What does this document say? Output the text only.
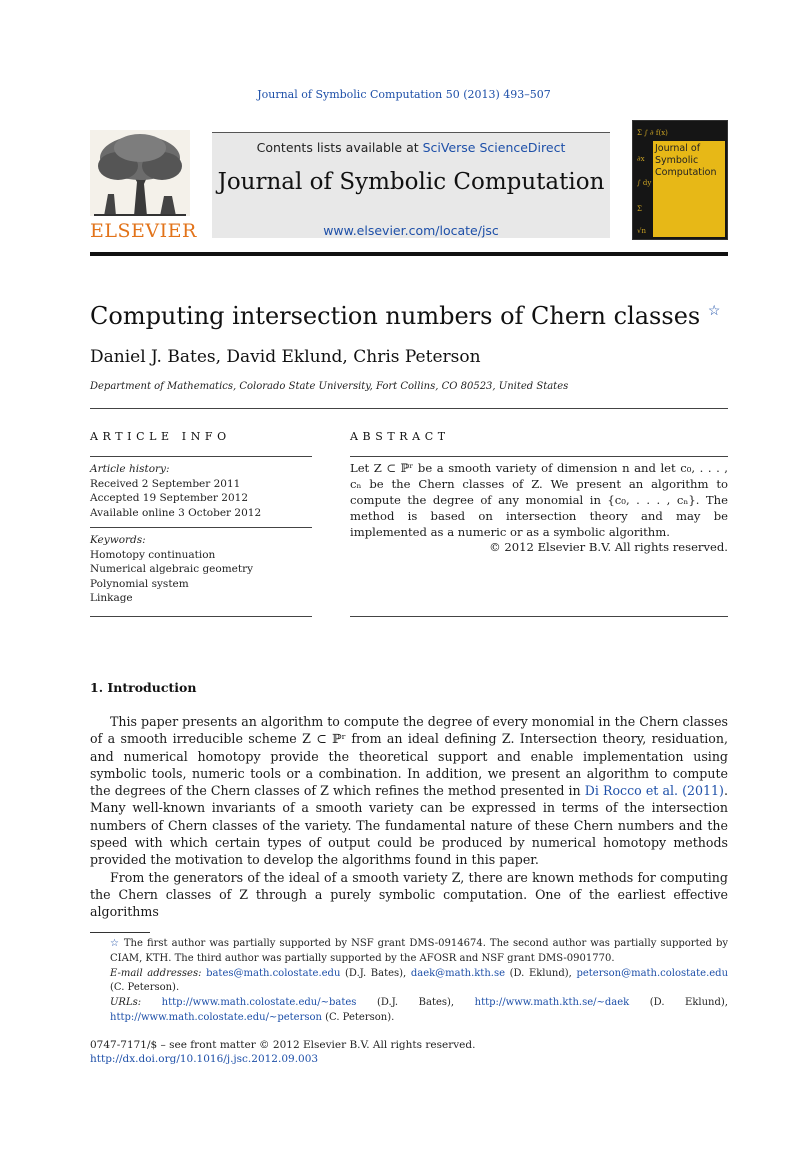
Journal of Symbolic Computation 50 (2013) 493–507
ELSEVIER
Contents lists available at SciVerse ScienceDirect
Journal of Symbolic Computation
www.elsevier.com/locate/jsc
Σ ∫ ∂ f(x)
∂x
∫ dy
Σ
√n
Journal of
Symbolic
Computation
Computing intersection numbers of Chern classes ☆
Daniel J. Bates, David Eklund, Chris Peterson
Department of Mathematics, Colorado State University, Fort Collins, CO 80523, United States
ARTICLE INFO
Article history:
Received 2 September 2011
Accepted 19 September 2012
Available online 3 October 2012
Keywords:
Homotopy continuation
Numerical algebraic geometry
Polynomial system
Linkage
ABSTRACT
Let Z ⊂ ℙʳ be a smooth variety of dimension n and let c₀, . . . , cₙ be the Chern classes of Z. We present an algorithm to compute the degree of any monomial in {c₀, . . . , cₙ}. The method is based on intersection theory and may be implemented as a numeric or as a symbolic algorithm.
© 2012 Elsevier B.V. All rights reserved.
1. Introduction

This paper presents an algorithm to compute the degree of every monomial in the Chern classes of a smooth irreducible scheme Z ⊂ ℙʳ from an ideal defining Z. Intersection theory, residuation, and numerical homotopy provide the theoretical support and enable implementation using symbolic tools, numeric tools or a combination. In addition, we present an algorithm to compute the degrees of the Chern classes of Z which refines the method presented in Di Rocco et al. (2011). Many well-known invariants of a smooth variety can be expressed in terms of the intersection numbers of Chern classes of the variety. The fundamental nature of these Chern numbers and the speed with which certain types of output could be produced by numerical homotopy methods provided the motivation to develop the algorithms found in this paper.

From the generators of the ideal of a smooth variety Z, there are known methods for computing the Chern classes of Z through a purely symbolic computation. One of the earliest effective algorithms

☆ The first author was partially supported by NSF grant DMS-0914674. The second author was partially supported by CIAM, KTH. The third author was partially supported by the AFOSR and NSF grant DMS-0901770.
E-mail addresses: bates@math.colostate.edu (D.J. Bates), daek@math.kth.se (D. Eklund), peterson@math.colostate.edu (C. Peterson).
URLs: http://www.math.colostate.edu/~bates (D.J. Bates), http://www.math.kth.se/~daek (D. Eklund), http://www.math.colostate.edu/~peterson (C. Peterson).
0747-7171/$ – see front matter © 2012 Elsevier B.V. All rights reserved.
http://dx.doi.org/10.1016/j.jsc.2012.09.003
